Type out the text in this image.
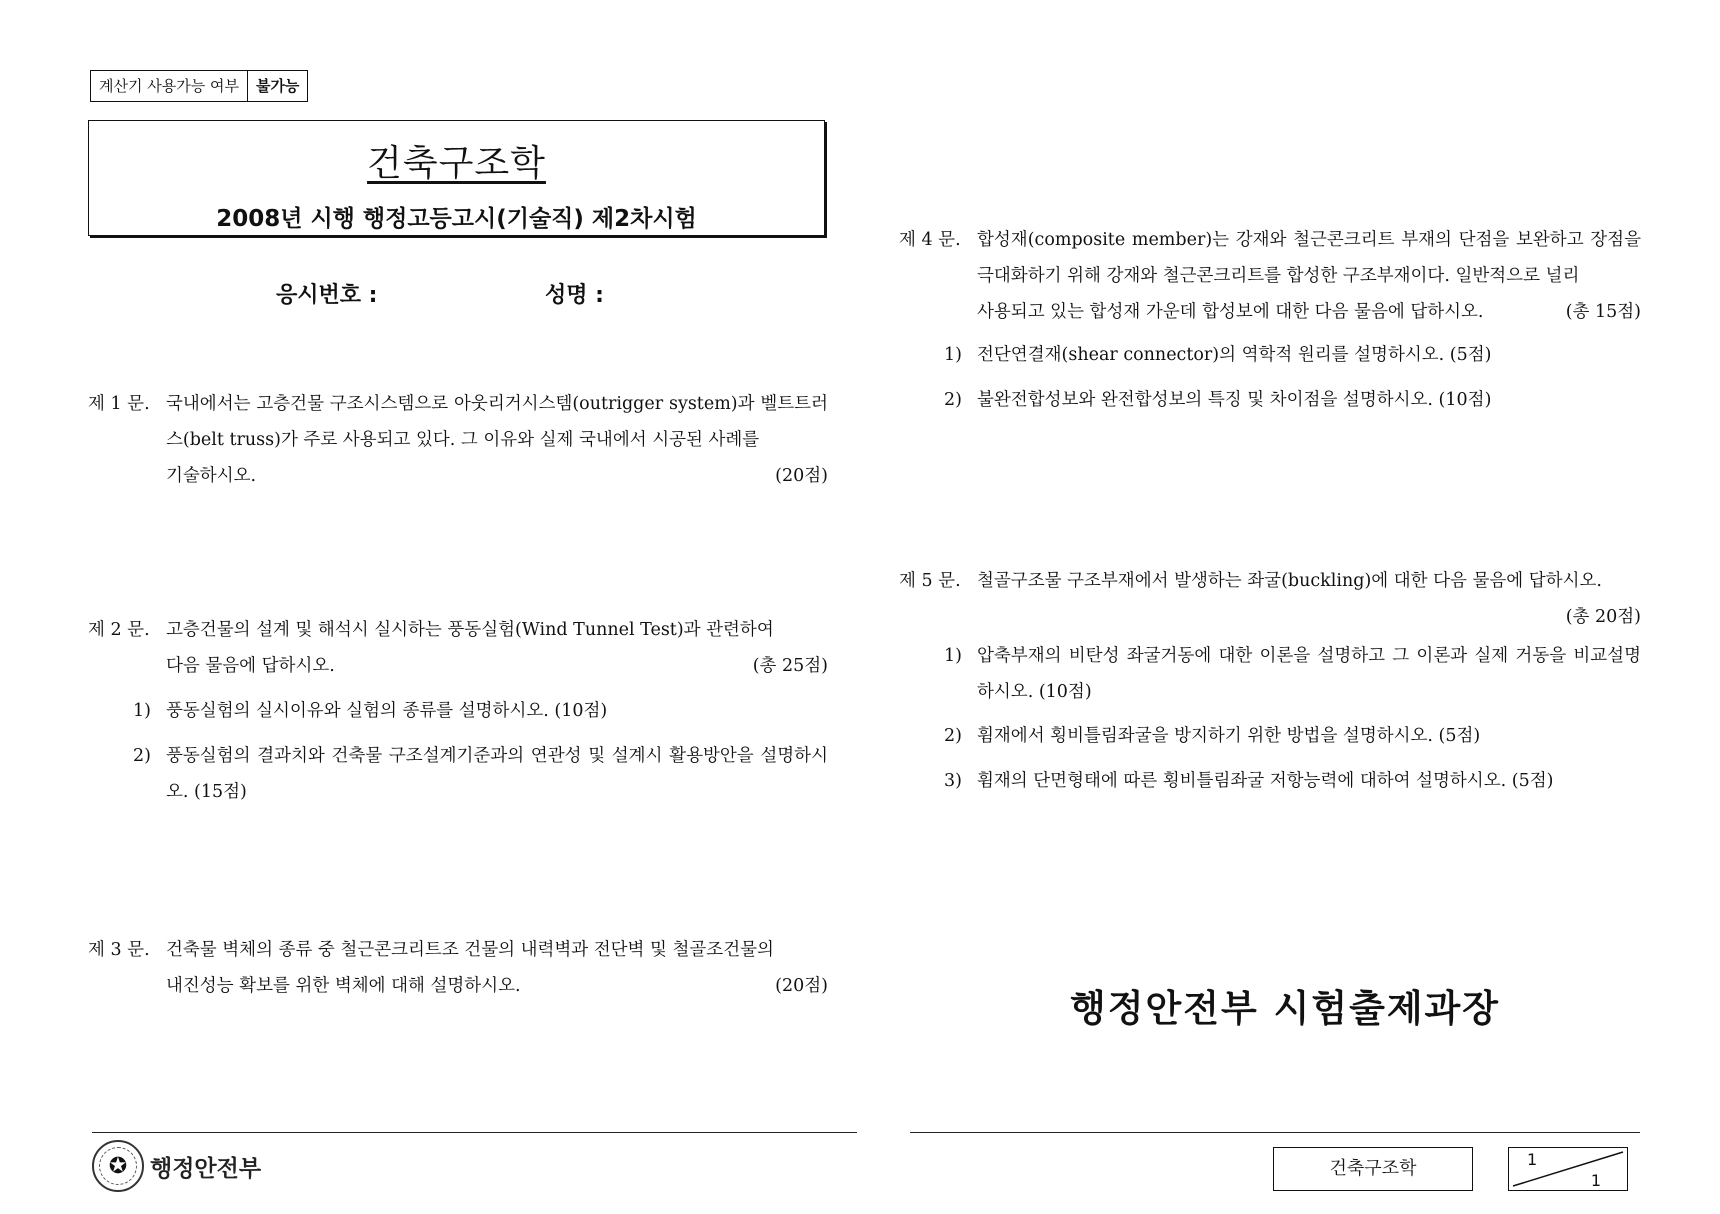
계산기 사용가능 여부	불가능
건축구조학
2008년 시행 행정고등고시(기술직) 제2차시험
응시번호 :	성명 :
제 1 문. 국내에서는 고층건물 구조시스템으로 아웃리거시스템(outrigger system)과 벨트트러스(belt truss)가 주로 사용되고 있다. 그 이유와 실제 국내에서 시공된 사례를
기술하시오.	(20점)
제 2 문. 고층건물의 설계 및 해석시 실시하는 풍동실험(Wind Tunnel Test)과 관련하여
다음 물음에 답하시오.	(총 25점)
1) 풍동실험의 실시이유와 실험의 종류를 설명하시오. (10점)
2) 풍동실험의 결과치와 건축물 구조설계기준과의 연관성 및 설계시 활용방안을 설명하시오. (15점)
제 3 문. 건축물 벽체의 종류 중 철근콘크리트조 건물의 내력벽과 전단벽 및 철골조건물의
내진성능 확보를 위한 벽체에 대해 설명하시오.	(20점)
제 4 문. 합성재(composite member)는 강재와 철근콘크리트 부재의 단점을 보완하고 장점을 극대화하기 위해 강재와 철근콘크리트를 합성한 구조부재이다. 일반적으로 널리
사용되고 있는 합성재 가운데 합성보에 대한 다음 물음에 답하시오.	(총 15점)
1) 전단연결재(shear connector)의 역학적 원리를 설명하시오. (5점)
2) 불완전합성보와 완전합성보의 특징 및 차이점을 설명하시오. (10점)
제 5 문. 철골구조물 구조부재에서 발생하는 좌굴(buckling)에 대한 다음 물음에 답하시오.
(총 20점)
1) 압축부재의 비탄성 좌굴거동에 대한 이론을 설명하고 그 이론과 실제 거동을 비교설명하시오. (10점)
2) 휨재에서 횡비틀림좌굴을 방지하기 위한 방법을 설명하시오. (5점)
3) 휨재의 단면형태에 따른 횡비틀림좌굴 저항능력에 대하여 설명하시오. (5점)
행정안전부 시험출제과장
✪ 행정안전부	건축구조학	1
1
